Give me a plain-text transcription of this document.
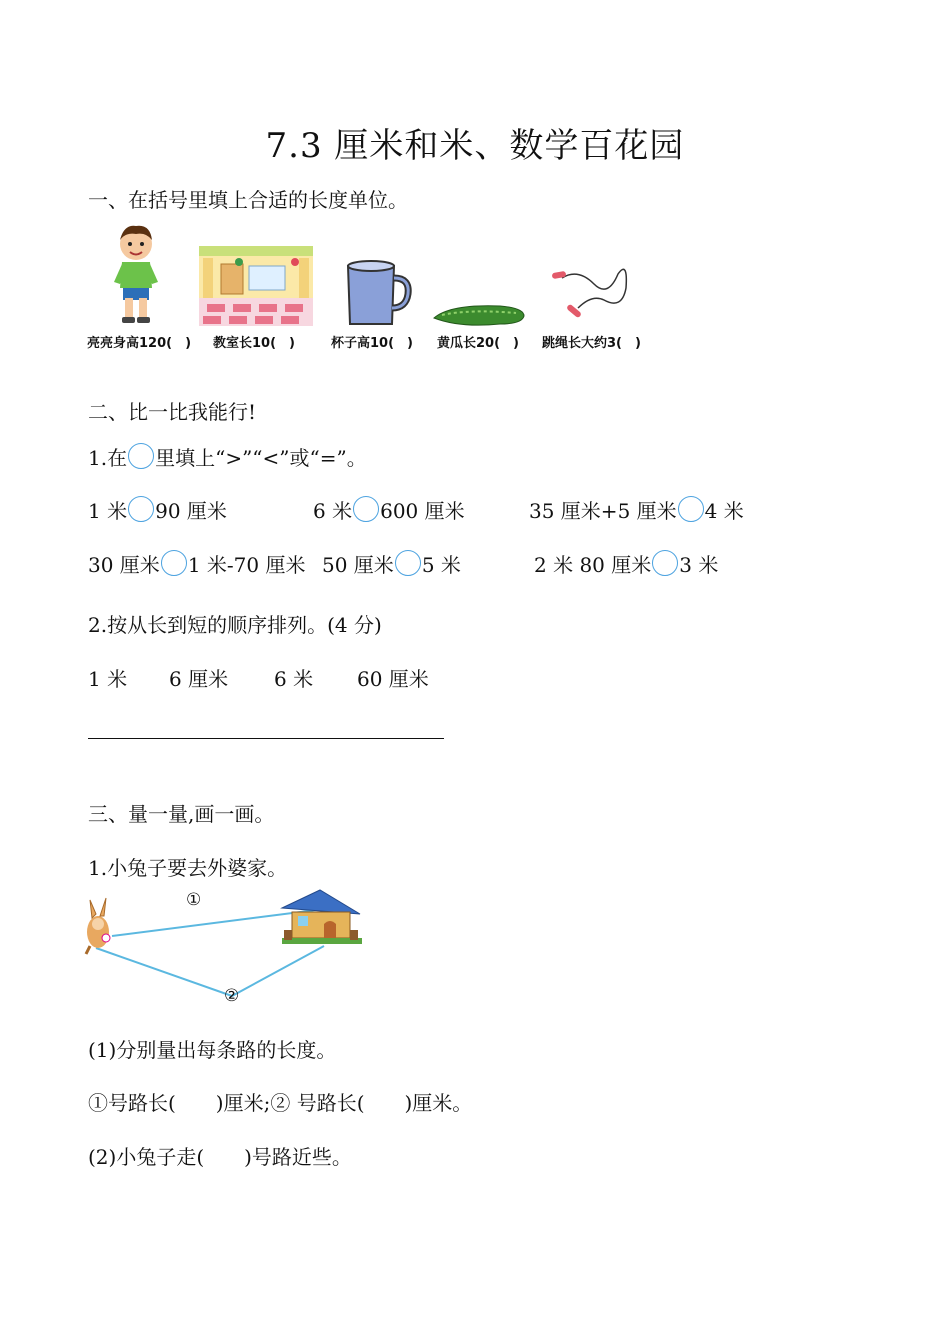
7.3 厘米和米、数学百花园
一、在括号里填上合适的长度单位。
亮亮身高120(　) 教室长10(　)	杯子高10(　) 黄瓜长20(　) 跳绳长大约3(　)
二、比一比我能行!
1.在 里填上“>”“<”或“=”。
1 米 90 厘米	6 米 600 厘米	35 厘米+5 厘米 4 米
30 厘米 1 米-70 厘米 50 厘米 5 米	2 米 80 厘米 3 米
2.按从长到短的顺序排列。(4 分)
1 米 6 厘米 6 米 60 厘米
三、量一量,画一画。
1.小兔子要去外婆家。
①
②
(1)分别量出每条路的长度。
①号路长(　　)厘米;② 号路长(　　)厘米。
(2)小兔子走(　　)号路近些。
